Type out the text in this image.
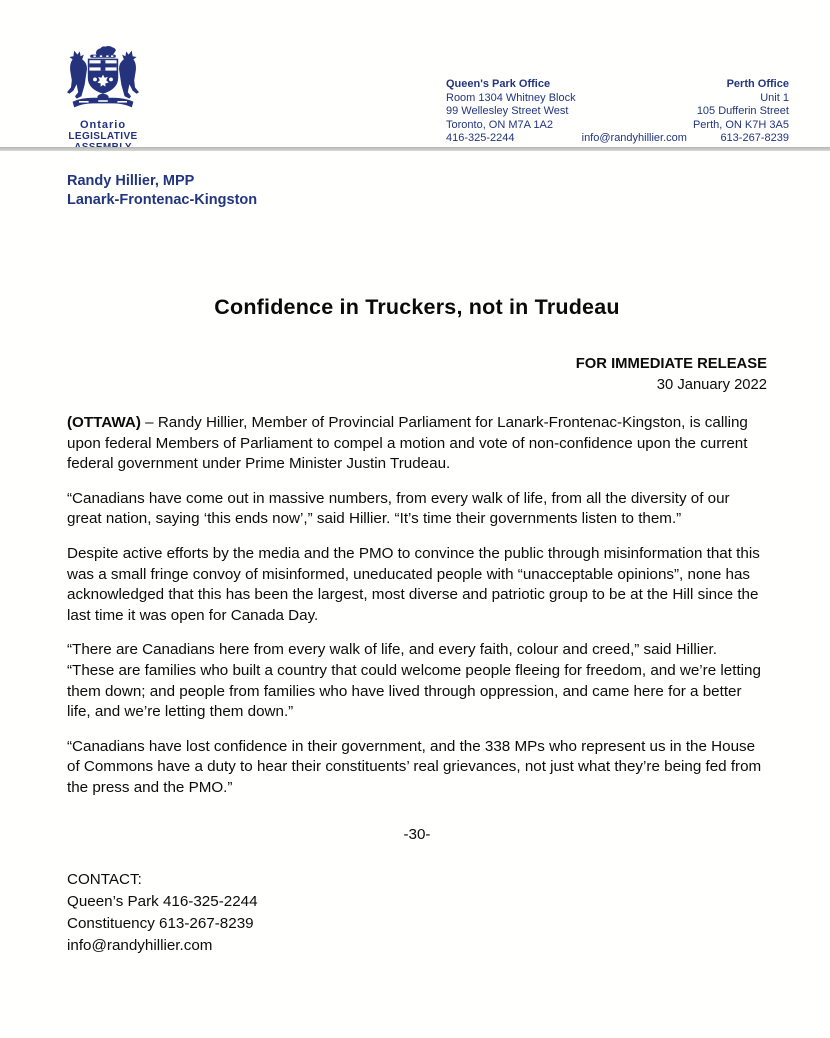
Ontario
LEGISLATIVE
Queen's Park Office
Room 1304 Whitney Block
99 Wellesley Street West
Toronto, ON M7A 1A2
416-325-2244	info@randyhillier.com
Perth Office
Unit 1
105 Dufferin Street
Perth, ON K7H 3A5
613-267-8239
Randy Hillier, MPP
Lanark-Frontenac-Kingston
Confidence in Truckers, not in Trudeau
FOR IMMEDIATE RELEASE
30 January 2022

(OTTAWA) – Randy Hillier, Member of Provincial Parliament for Lanark-Frontenac-Kingston, is calling upon federal Members of Parliament to compel a motion and vote of non-confidence upon the current federal government under Prime Minister Justin Trudeau.

“Canadians have come out in massive numbers, from every walk of life, from all the diversity of our great nation, saying ‘this ends now’,” said Hillier. “It’s time their governments listen to them.”

Despite active efforts by the media and the PMO to convince the public through misinformation that this was a small fringe convoy of misinformed, uneducated people with “unacceptable opinions”, none has acknowledged that this has been the largest, most diverse and patriotic group to be at the Hill since the last time it was open for Canada Day.

“There are Canadians here from every walk of life, and every faith, colour and creed,” said Hillier. “These are families who built a country that could welcome people fleeing for freedom, and we’re letting them down; and people from families who have lived through oppression, and came here for a better life, and we’re letting them down.”

“Canadians have lost confidence in their government, and the 338 MPs who represent us in the House of Commons have a duty to hear their constituents’ real grievances, not just what they’re being fed from the press and the PMO.”

-30-
CONTACT:
Queen’s Park 416-325-2244
Constituency 613-267-8239
info@randyhillier.com
